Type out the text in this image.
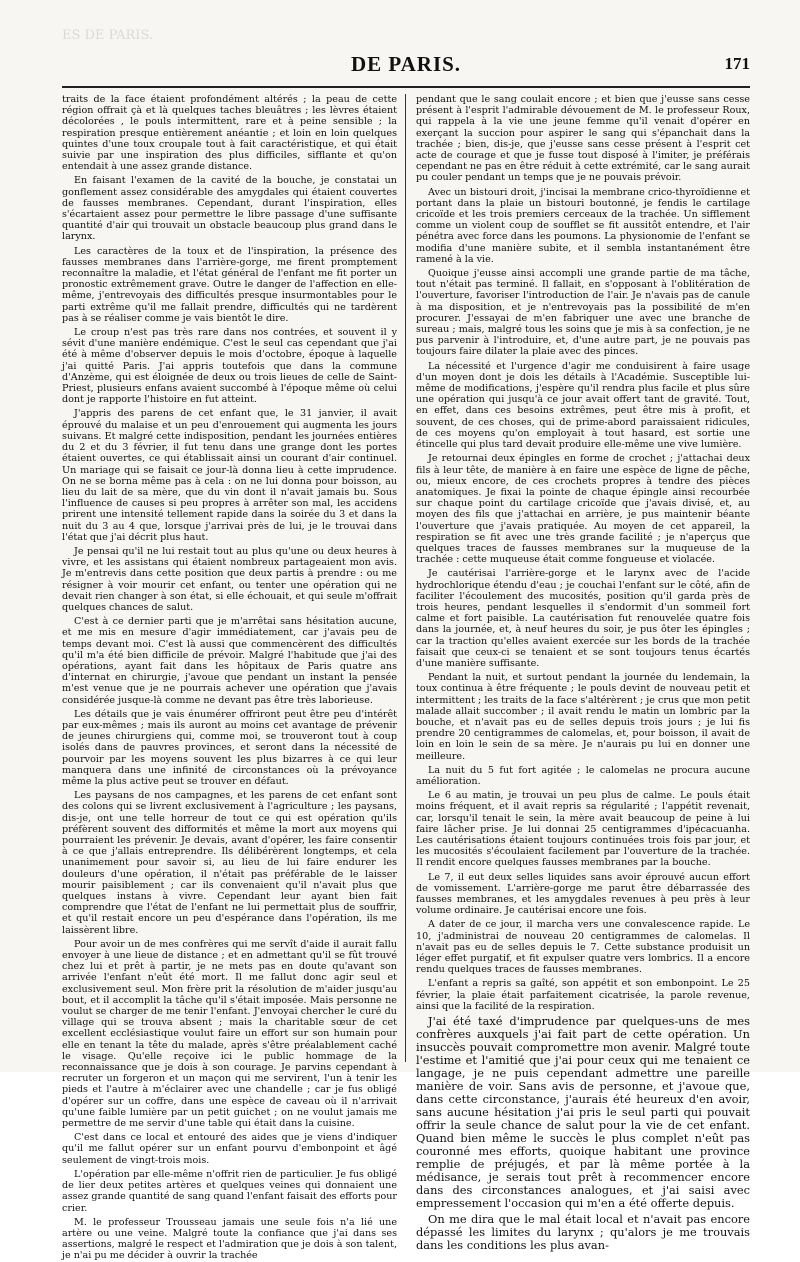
ES DE PARIS.
DE PARIS.	171

traits de la face étaient profondément altérés ; la peau de cette région offrait çà et là quelques taches bleuâtres ; les lèvres étaient décolorées , le pouls intermittent, rare et à peine sensible ; la respiration presque entièrement anéantie ; et loin en loin quelques quintes d'une toux croupale tout à fait caractéristique, et qui était suivie par une inspiration des plus difficiles, sifflante et qu'on entendait à une assez grande distance.

En faisant l'examen de la cavité de la bouche, je constatai un gonflement assez considérable des amygdales qui étaient couvertes de fausses membranes. Cependant, durant l'inspiration, elles s'écartaient assez pour permettre le libre passage d'une suffisante quantité d'air qui trouvait un obstacle beaucoup plus grand dans le larynx.

Les caractères de la toux et de l'inspiration, la présence des fausses membranes dans l'arrière-gorge, me firent promptement reconnaître la maladie, et l'état général de l'enfant me fit porter un pronostic extrêmement grave. Outre le danger de l'affection en elle-même, j'entrevoyais des difficultés presque insurmontables pour le parti extrême qu'il me fallait prendre, difficultés qui ne tardèrent pas à se réaliser comme je vais bientôt le dire.

Le croup n'est pas très rare dans nos contrées, et souvent il y sévit d'une manière endémique. C'est le seul cas cependant que j'ai été à même d'observer depuis le mois d'octobre, époque à laquelle j'ai quitté Paris. J'ai appris toutefois que dans la commune d'Anzème, qui est éloignée de deux ou trois lieues de celle de Saint-Priest, plusieurs enfans avaient succombé à l'époque même où celui dont je rapporte l'histoire en fut atteint.

J'appris des parens de cet enfant que, le 31 janvier, il avait éprouvé du malaise et un peu d'enrouement qui augmenta les jours suivans. Et malgré cette indisposition, pendant les journées entières du 2 et du 3 février, il fut tenu dans une grange dont les portes étaient ouvertes, ce qui établissait ainsi un courant d'air continuel. Un mariage qui se faisait ce jour-là donna lieu à cette imprudence. On ne se borna même pas à cela : on ne lui donna pour boisson, au lieu du lait de sa mère, que du vin dont il n'avait jamais bu. Sous l'influence de causes si peu propres à arrêter son mal, les accidens prirent une intensité tellement rapide dans la soirée du 3 et dans la nuit du 3 au 4 que, lorsque j'arrivai près de lui, je le trouvai dans l'état que j'ai décrit plus haut.

Je pensai qu'il ne lui restait tout au plus qu'une ou deux heures à vivre, et les assistans qui étaient nombreux partageaient mon avis. Je m'entrevis dans cette position que deux partis à prendre : ou me résigner à voir mourir cet enfant, ou tenter une opération qui ne devait rien changer à son état, si elle échouait, et qui seule m'offrait quelques chances de salut.

C'est à ce dernier parti que je m'arrêtai sans hésitation aucune, et me mis en mesure d'agir immédiatement, car j'avais peu de temps devant moi. C'est là aussi que commencèrent des difficultés qu'il m'a été bien difficile de prévoir. Malgré l'habitude que j'ai des opérations, ayant fait dans les hôpitaux de Paris quatre ans d'internat en chirurgie, j'avoue que pendant un instant la pensée m'est venue que je ne pourrais achever une opération que j'avais considérée jusque-là comme ne devant pas être très laborieuse.

Les détails que je vais énumérer offriront peut être peu d'intérêt par eux-mêmes ; mais ils auront au moins cet avantage de prévenir de jeunes chirurgiens qui, comme moi, se trouveront tout à coup isolés dans de pauvres provinces, et seront dans la nécessité de pourvoir par les moyens souvent les plus bizarres à ce qui leur manquera dans une infinité de circonstances où la prévoyance même la plus active peut se trouver en défaut.

Les paysans de nos campagnes, et les parens de cet enfant sont des colons qui se livrent exclusivement à l'agriculture ; les paysans, dis-je, ont une telle horreur de tout ce qui est opération qu'ils préfèrent souvent des difformités et même la mort aux moyens qui pourraient les prévenir. Je devais, avant d'opérer, les faire consentir à ce que j'allais entreprendre. Ils délibérèrent longtemps, et cela unanimement pour savoir si, au lieu de lui faire endurer les douleurs d'une opération, il n'était pas préférable de le laisser mourir paisiblement ; car ils convenaient qu'il n'avait plus que quelques instans à vivre. Cependant leur ayant bien fait comprendre que l'état de l'enfant ne lui permettait plus de souffrir, et qu'il restait encore un peu d'espérance dans l'opération, ils me laissèrent libre.

Pour avoir un de mes confrères qui me servît d'aide il aurait fallu envoyer à une lieue de distance ; et en admettant qu'il se fût trouvé chez lui et prêt à partir, je ne mets pas en doute qu'avant son arrivée l'enfant n'eût été mort. Il me fallut donc agir seul et exclusivement seul. Mon frère prit la résolution de m'aider jusqu'au bout, et il accomplit la tâche qu'il s'était imposée. Mais personne ne voulut se charger de me tenir l'enfant. J'envoyai chercher le curé du village qui se trouva absent ; mais la charitable sœur de cet excellent ecclésiastique voulut faire un effort sur son humain pour elle en tenant la tête du malade, après s'être préalablement caché le visage. Qu'elle reçoive ici le public hommage de la reconnaissance que je dois à son courage. Je parvins cependant à recruter un forgeron et un maçon qui me servirent, l'un à tenir les pieds et l'autre à m'éclairer avec une chandelle ; car je fus obligé d'opérer sur un coffre, dans une espèce de caveau où il n'arrivait qu'une faible lumière par un petit guichet ; on ne voulut jamais me permettre de me servir d'une table qui était dans la cuisine.

C'est dans ce local et entouré des aides que je viens d'indiquer qu'il me fallut opérer sur un enfant pourvu d'embonpoint et âgé seulement de vingt-trois mois.

L'opération par elle-même n'offrit rien de particulier. Je fus obligé de lier deux petites artères et quelques veines qui donnaient une assez grande quantité de sang quand l'enfant faisait des efforts pour crier.

M. le professeur Trousseau jamais une seule fois n'a lié une artère ou une veine. Malgré toute la confiance que j'ai dans ses assertions, malgré le respect et l'admiration que je dois à son talent, je n'ai pu me décider à ouvrir la trachée

pendant que le sang coulait encore ; et bien que j'eusse sans cesse présent à l'esprit l'admirable dévouement de M. le professeur Roux, qui rappela à la vie une jeune femme qu'il venait d'opérer en exerçant la succion pour aspirer le sang qui s'épanchait dans la trachée ; bien, dis-je, que j'eusse sans cesse présent à l'esprit cet acte de courage et que je fusse tout disposé à l'imiter, je préférais cependant ne pas en être réduit à cette extrémité, car le sang aurait pu couler pendant un temps que je ne pouvais prévoir.

Avec un bistouri droit, j'incisai la membrane crico-thyroïdienne et portant dans la plaie un bistouri boutonné, je fendis le cartilage cricoïde et les trois premiers cerceaux de la trachée. Un sifflement comme un violent coup de soufflet se fit aussitôt entendre, et l'air pénétra avec force dans les poumons. La physionomie de l'enfant se modifia d'une manière subite, et il sembla instantanément être ramené à la vie.

Quoique j'eusse ainsi accompli une grande partie de ma tâche, tout n'était pas terminé. Il fallait, en s'opposant à l'oblitération de l'ouverture, favoriser l'introduction de l'air. Je n'avais pas de canule à ma disposition, et je n'entrevoyais pas la possibilité de m'en procurer. J'essayai de m'en fabriquer une avec une branche de sureau ; mais, malgré tous les soins que je mis à sa confection, je ne pus parvenir à l'introduire, et, d'une autre part, je ne pouvais pas toujours faire dilater la plaie avec des pinces.

La nécessité et l'urgence d'agir me conduisirent à faire usage d'un moyen dont je dois les détails à l'Académie. Susceptible lui-même de modifications, j'espère qu'il rendra plus facile et plus sûre une opération qui jusqu'à ce jour avait offert tant de gravité. Tout, en effet, dans ces besoins extrêmes, peut être mis à profit, et souvent, de ces choses, qui de prime-abord paraissaient ridicules, de ces moyens qu'on employait à tout hasard, est sortie une étincelle qui plus tard devait produire elle-même une vive lumière.

Je retournai deux épingles en forme de crochet ; j'attachai deux fils à leur tête, de manière à en faire une espèce de ligne de pêche, ou, mieux encore, de ces crochets propres à tendre des pièces anatomiques. Je fixai la pointe de chaque épingle ainsi recourbée sur chaque point du cartilage cricoïde que j'avais divisé, et, au moyen des fils que j'attachai en arrière, je pus maintenir béante l'ouverture que j'avais pratiquée. Au moyen de cet appareil, la respiration se fit avec une très grande facilité ; je n'aperçus que quelques traces de fausses membranes sur la muqueuse de la trachée : cette muqueuse était comme fongueuse et violacée.

Je cautérisai l'arrière-gorge et le larynx avec de l'acide hydrochlorique étendu d'eau ; je couchai l'enfant sur le côté, afin de faciliter l'écoulement des mucosités, position qu'il garda près de trois heures, pendant lesquelles il s'endormit d'un sommeil fort calme et fort paisible. La cautérisation fut renouvelée quatre fois dans la journée, et, à neuf heures du soir, je pus ôter les épingles ; car la traction qu'elles avaient exercée sur les bords de la trachée faisait que ceux-ci se tenaient et se sont toujours tenus écartés d'une manière suffisante.

Pendant la nuit, et surtout pendant la journée du lendemain, la toux continua à être fréquente ; le pouls devint de nouveau petit et intermittent ; les traits de la face s'altérèrent ; je crus que mon petit malade allait succomber ; il avait rendu le matin un lombric par la bouche, et n'avait pas eu de selles depuis trois jours ; je lui fis prendre 20 centigrammes de calomelas, et, pour boisson, il avait de loin en loin le sein de sa mère. Je n'aurais pu lui en donner une meilleure.

La nuit du 5 fut fort agitée ; le calomelas ne procura aucune amélioration.

Le 6 au matin, je trouvai un peu plus de calme. Le pouls était moins fréquent, et il avait repris sa régularité ; l'appétit revenait, car, lorsqu'il tenait le sein, la mère avait beaucoup de peine à lui faire lâcher prise. Je lui donnai 25 centigrammes d'ipécacuanha. Les cautérisations étaient toujours continuées trois fois par jour, et les mucosités s'écoulaient facilement par l'ouverture de la trachée. Il rendit encore quelques fausses membranes par la bouche.

Le 7, il eut deux selles liquides sans avoir éprouvé aucun effort de vomissement. L'arrière-gorge me parut être débarrassée des fausses membranes, et les amygdales revenues à peu près à leur volume ordinaire. Je cautérisai encore une fois.

A dater de ce jour, il marcha vers une convalescence rapide. Le 10, j'administrai de nouveau 20 centigrammes de calomelas. Il n'avait pas eu de selles depuis le 7. Cette substance produisit un léger effet purgatif, et fit expulser quatre vers lombrics. Il a encore rendu quelques traces de fausses membranes.

L'enfant a repris sa gaîté, son appétit et son embonpoint. Le 25 février, la plaie était parfaitement cicatrisée, la parole revenue, ainsi que la facilité de la respiration.

J'ai été taxé d'imprudence par quelques-uns de mes confrères auxquels j'ai fait part de cette opération. Un insuccès pouvait compromettre mon avenir. Malgré toute l'estime et l'amitié que j'ai pour ceux qui me tenaient ce langage, je ne puis cependant admettre une pareille manière de voir. Sans avis de personne, et j'avoue que, dans cette circonstance, j'aurais été heureux d'en avoir, sans aucune hésitation j'ai pris le seul parti qui pouvait offrir la seule chance de salut pour la vie de cet enfant. Quand bien même le succès le plus complet n'eût pas couronné mes efforts, quoique habitant une province remplie de préjugés, et par là même portée à la médisance, je serais tout prêt à recommencer encore dans des circonstances analogues, et j'ai saisi avec empressement l'occasion qui m'en a été offerte depuis.

On me dira que le mal était local et n'avait pas encore dépassé les limites du larynx ; qu'alors je me trouvais dans les conditions les plus avan-
